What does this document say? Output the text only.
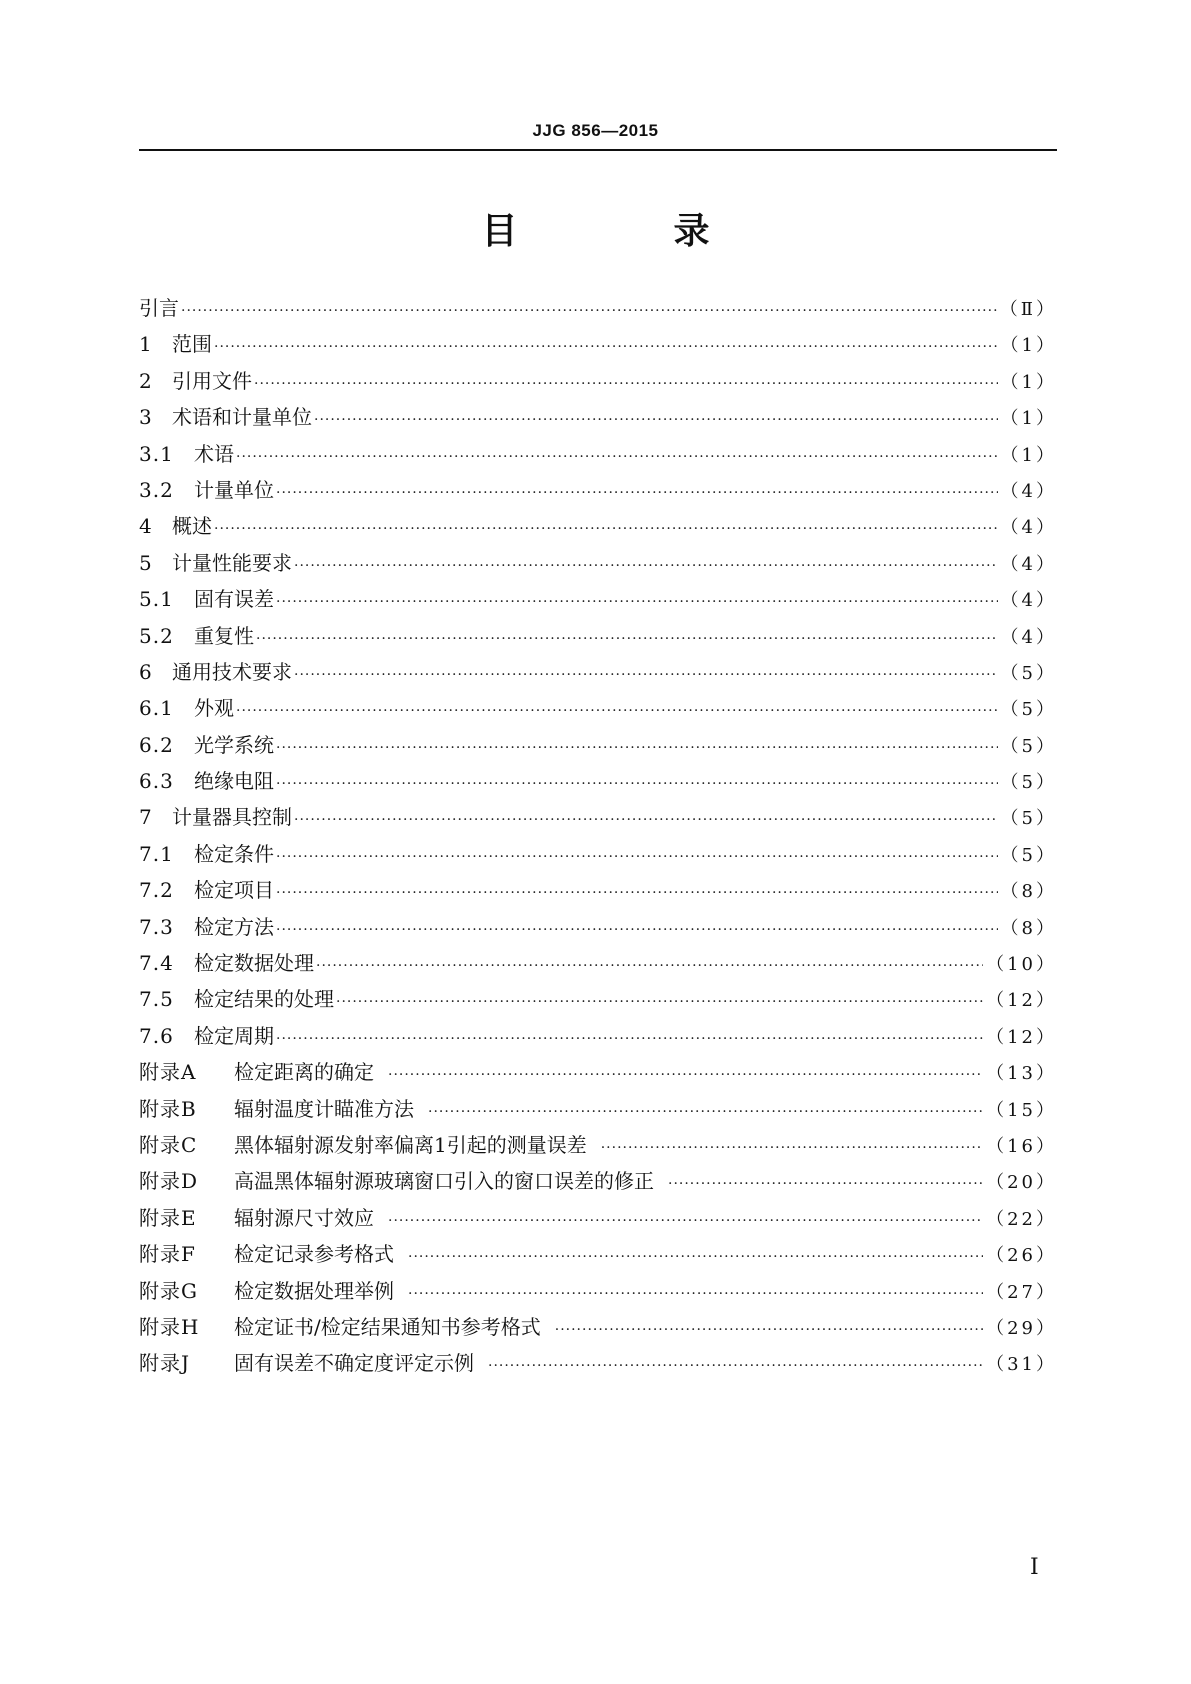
JJG 856—2015
目　录
引言 ·····	（Ⅱ）
1 范围 ·····	（1）
2 引用文件 ·····	（1）
3 术语和计量单位 ·····	（1）
3.1 术语 ·····	（1）
3.2 计量单位 ·····	（4）
4 概述 ·····	（4）
5 计量性能要求 ·····	（4）
5.1 固有误差 ·····	（4）
5.2 重复性 ·····	（4）
6 通用技术要求 ·····	（5）
6.1 外观 ·····	（5）
6.2 光学系统 ·····	（5）
6.3 绝缘电阻 ·····	（5）
7 计量器具控制 ·····	（5）
7.1 检定条件 ·····	（5）
7.2 检定项目 ·····	（8）
7.3 检定方法 ·····	（8）
7.4 检定数据处理 ·····	（10）
7.5 检定结果的处理 ·····	（12）
7.6 检定周期 ·····	（12）
附录A 检定距离的确定 ·····	（13）
附录B 辐射温度计瞄准方法 ·····	（15）
附录C 黑体辐射源发射率偏离1引起的测量误差 ·····	（16）
附录D 高温黑体辐射源玻璃窗口引入的窗口误差的修正 ·····	（20）
附录E 辐射源尺寸效应 ·····	（22）
附录F 检定记录参考格式 ·····	（26）
附录G 检定数据处理举例 ·····	（27）
附录H 检定证书/检定结果通知书参考格式 ·····	（29）
附录J 固有误差不确定度评定示例 ·····	（31）
Ⅰ
